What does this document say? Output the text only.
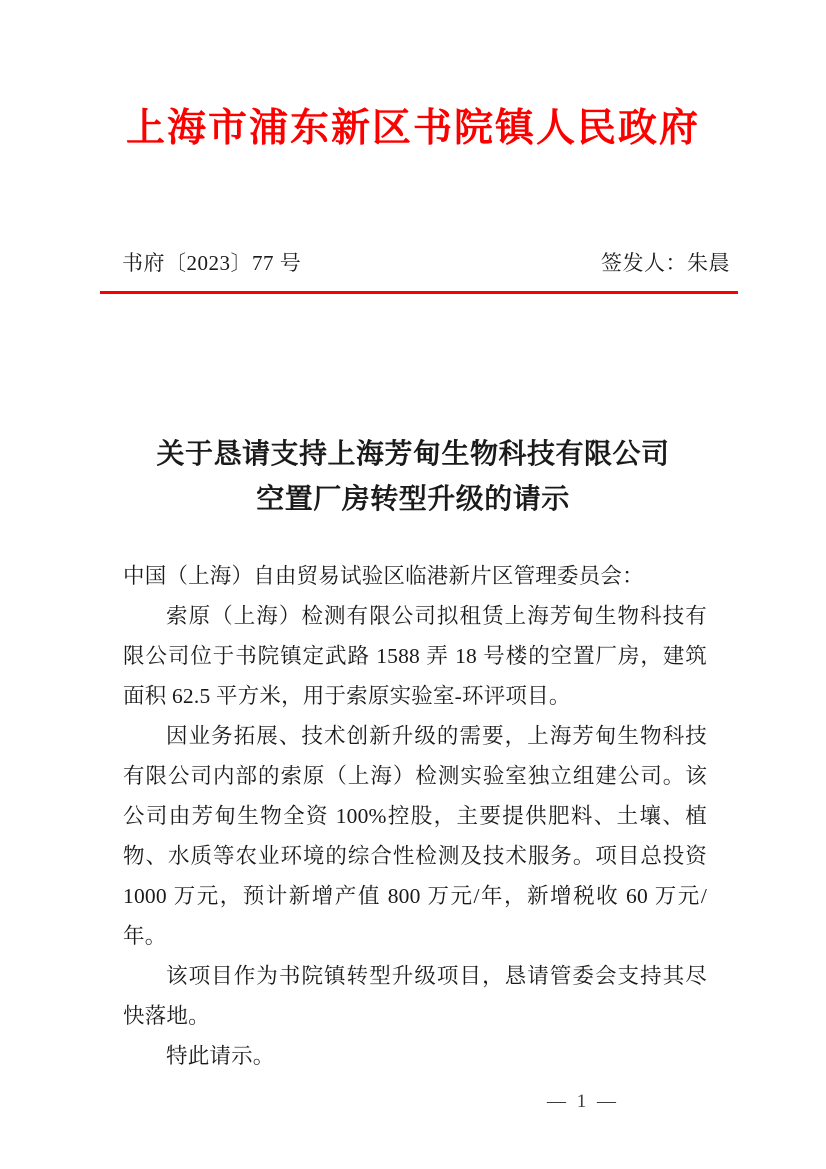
上海市浦东新区书院镇人民政府
书府〔2023〕77 号	签发人：朱晨
关于恳请支持上海芳甸生物科技有限公司
空置厂房转型升级的请示

中国（上海）自由贸易试验区临港新片区管理委员会：

索原（上海）检测有限公司拟租赁上海芳甸生物科技有限公司位于书院镇定武路 1588 弄 18 号楼的空置厂房，建筑面积 62.5 平方米，用于索原实验室-环评项目。

因业务拓展、技术创新升级的需要，上海芳甸生物科技有限公司内部的索原（上海）检测实验室独立组建公司。该公司由芳甸生物全资 100%控股，主要提供肥料、土壤、植物、水质等农业环境的综合性检测及技术服务。项目总投资 1000 万元，预计新增产值 800 万元/年，新增税收 60 万元/年。

该项目作为书院镇转型升级项目，恳请管委会支持其尽快落地。

特此请示。

— 1 —
